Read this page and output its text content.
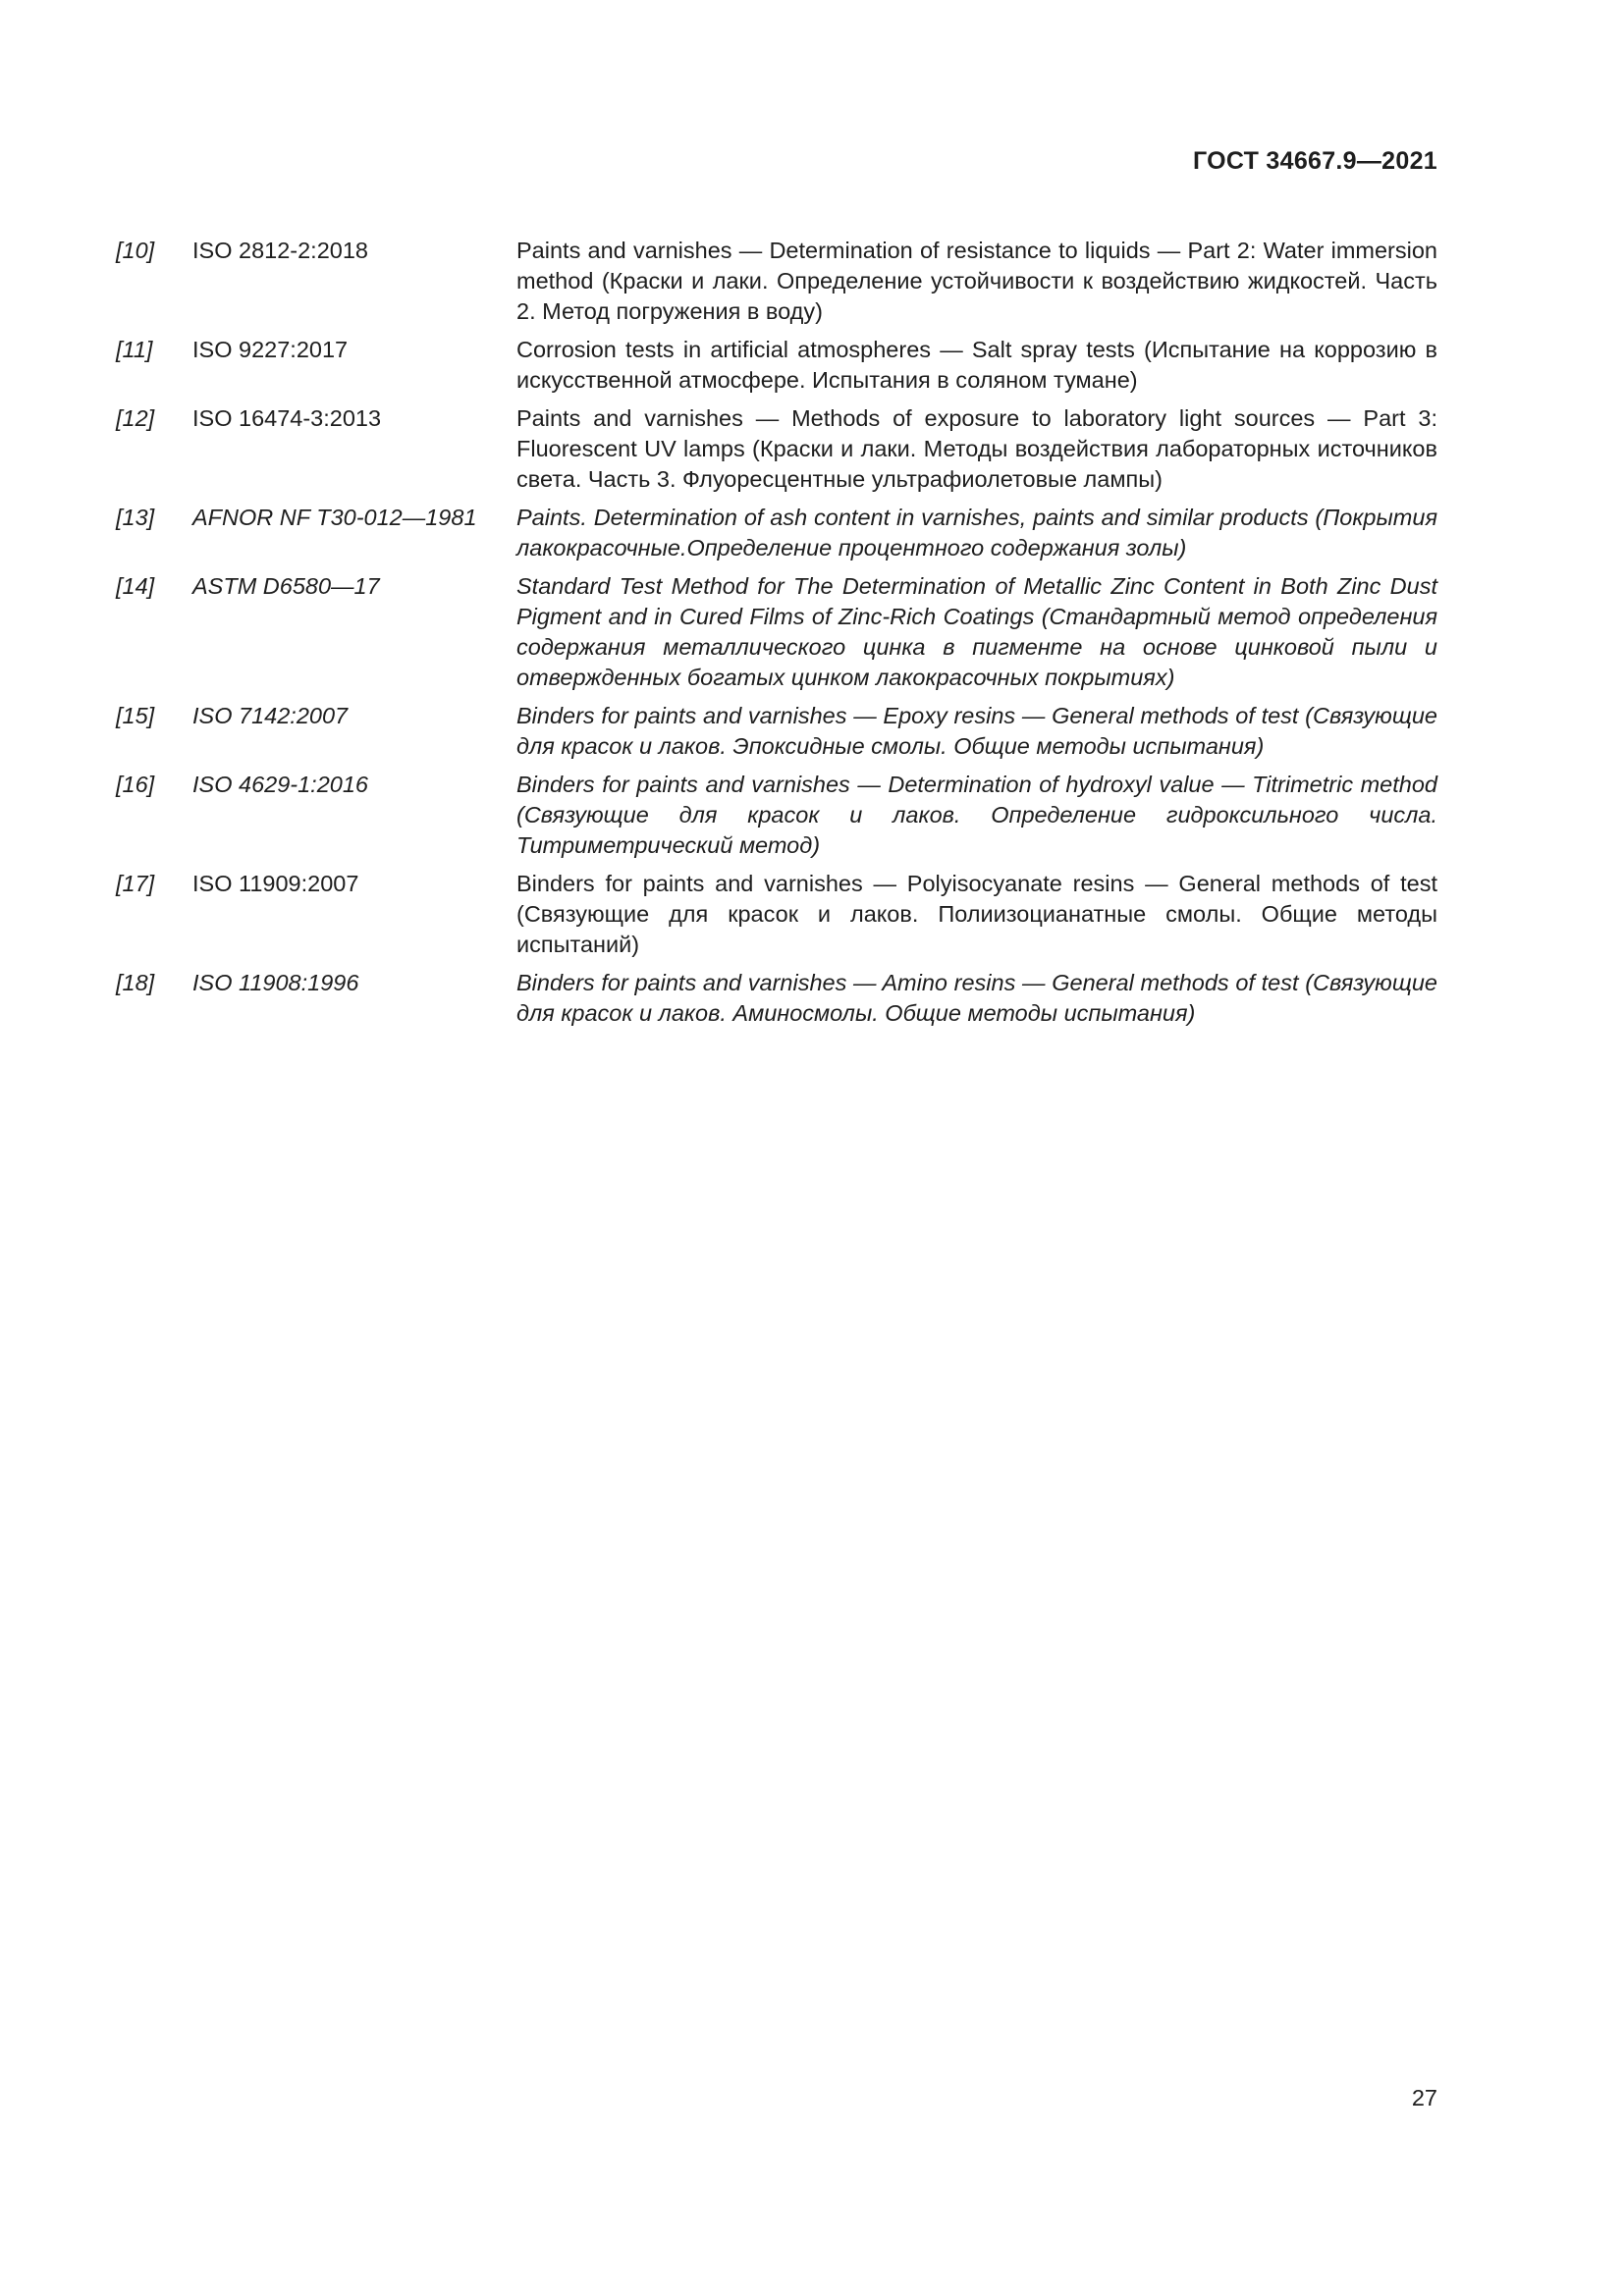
ГОСТ 34667.9—2021
[10]	ISO 2812-2:2018	Paints and varnishes — Determination of resistance to liquids — Part 2: Water immersion method (Краски и лаки. Определение устойчивости к воздействию жидкостей. Часть 2. Метод погружения в воду)
[11]	ISO 9227:2017	Corrosion tests in artificial atmospheres — Salt spray tests (Испытание на коррозию в искусственной атмосфере. Испытания в соляном тумане)
[12]	ISO 16474-3:2013	Paints and varnishes — Methods of exposure to laboratory light sources — Part 3: Fluorescent UV lamps (Краски и лаки. Методы воздействия лабораторных источников света. Часть 3. Флуоресцентные ультрафиолетовые лампы)
[13]	AFNOR NF T30-012—1981	Paints. Determination of ash content in varnishes, paints and similar products (Покрытия лакокрасочные.Определение процентного содержания золы)
[14]	ASTM D6580—17	Standard Test Method for The Determination of Metallic Zinc Content in Both Zinc Dust Pigment and in Cured Films of Zinc-Rich Coatings (Стандартный метод определения содержания металлического цинка в пигменте на основе цинковой пыли и отвержденных богатых цинком лакокрасочных покрытиях)
[15]	ISO 7142:2007	Binders for paints and varnishes — Epoxy resins — General methods of test (Связующие для красок и лаков. Эпоксидные смолы. Общие методы испытания)
[16]	ISO 4629-1:2016	Binders for paints and varnishes — Determination of hydroxyl value — Titrimetric method (Связующие для красок и лаков. Определение гидроксильного числа. Титриметрический метод)
[17]	ISO 11909:2007	Binders for paints and varnishes — Polyisocyanate resins — General methods of test (Связующие для красок и лаков. Полиизоцианатные смолы. Общие методы испытаний)
[18]	ISO 11908:1996	Binders for paints and varnishes — Amino resins — General methods of test (Связующие для красок и лаков. Аминосмолы. Общие методы испытания)
27
